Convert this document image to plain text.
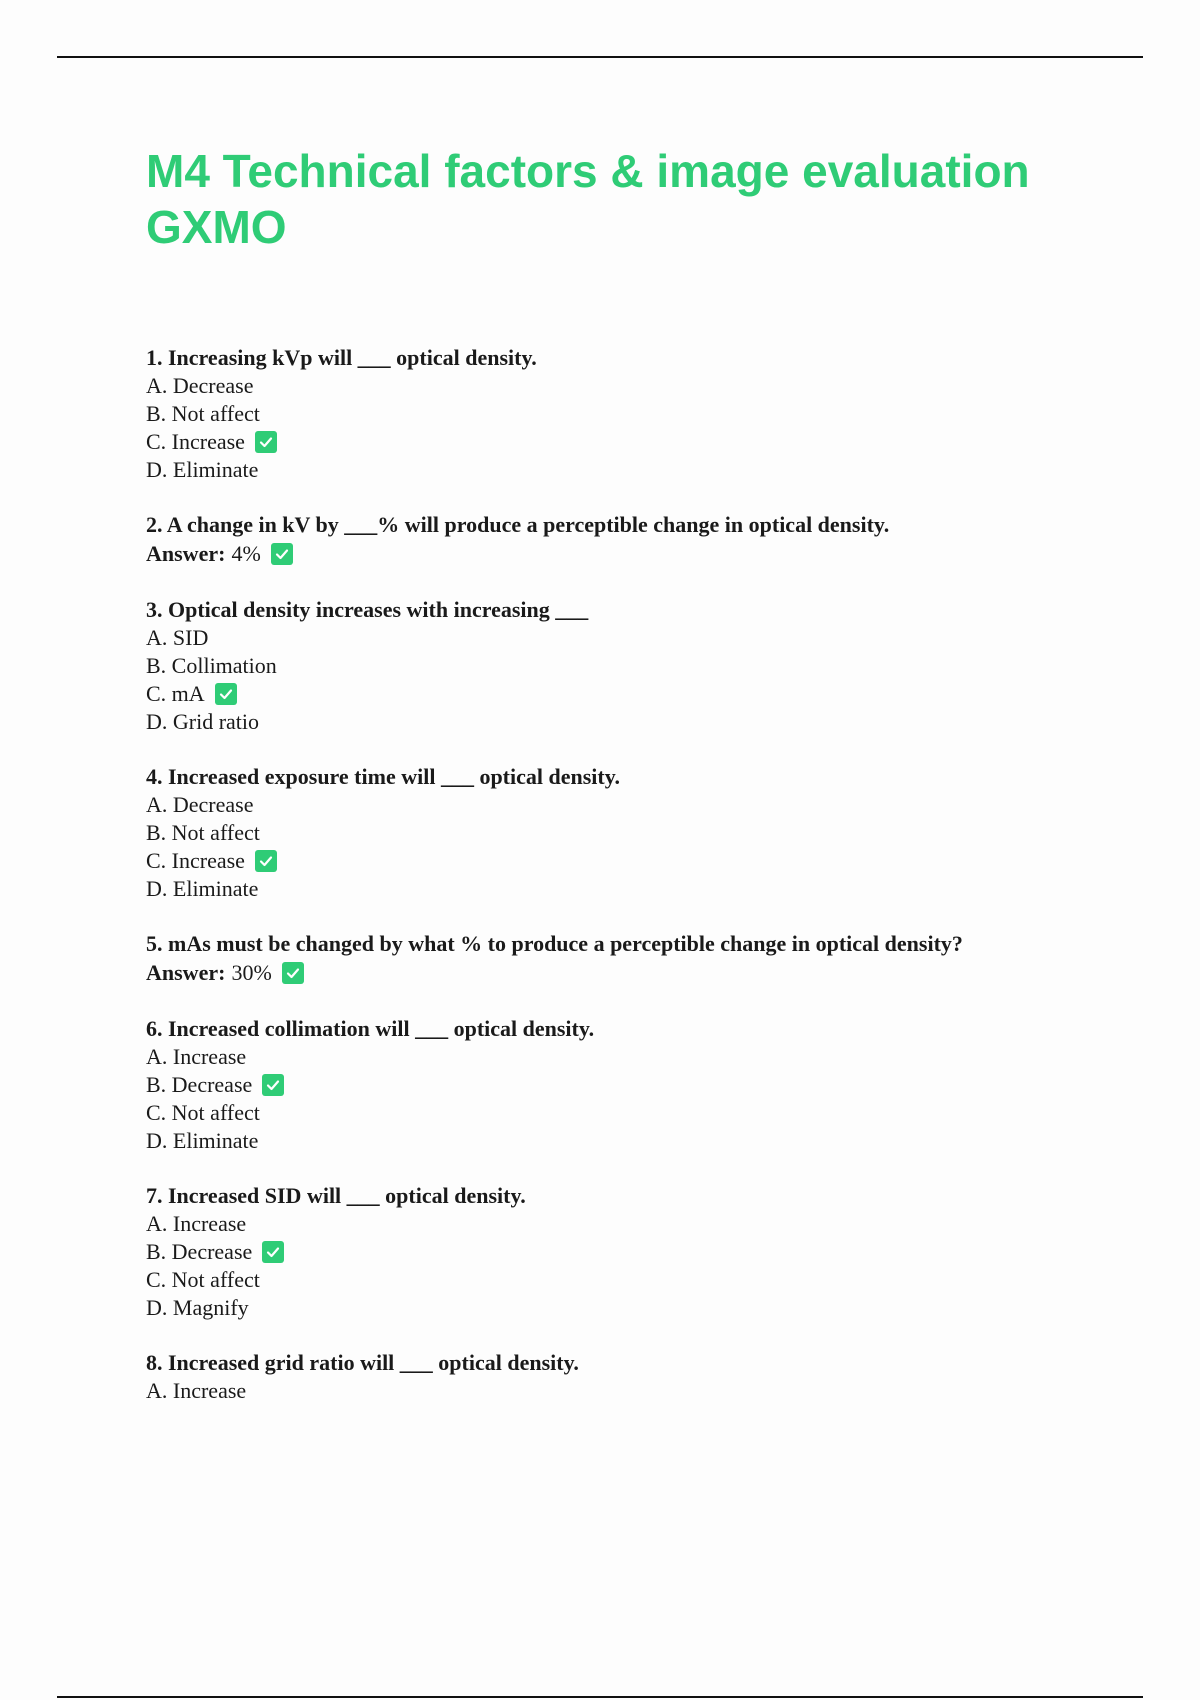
M4 Technical factors & image evaluation GXMO
1. Increasing kVp will ___ optical density.
A. Decrease
B. Not affect
C. Increase
D. Eliminate
2. A change in kV by ___% will produce a perceptible change in optical density.
Answer: 4%
3. Optical density increases with increasing ___
A. SID
B. Collimation
C. mA
D. Grid ratio
4. Increased exposure time will ___ optical density.
A. Decrease
B. Not affect
C. Increase
D. Eliminate
5. mAs must be changed by what % to produce a perceptible change in optical density?
Answer: 30%
6. Increased collimation will ___ optical density.
A. Increase
B. Decrease
C. Not affect
D. Eliminate
7. Increased SID will ___ optical density.
A. Increase
B. Decrease
C. Not affect
D. Magnify
8. Increased grid ratio will ___ optical density.
A. Increase
